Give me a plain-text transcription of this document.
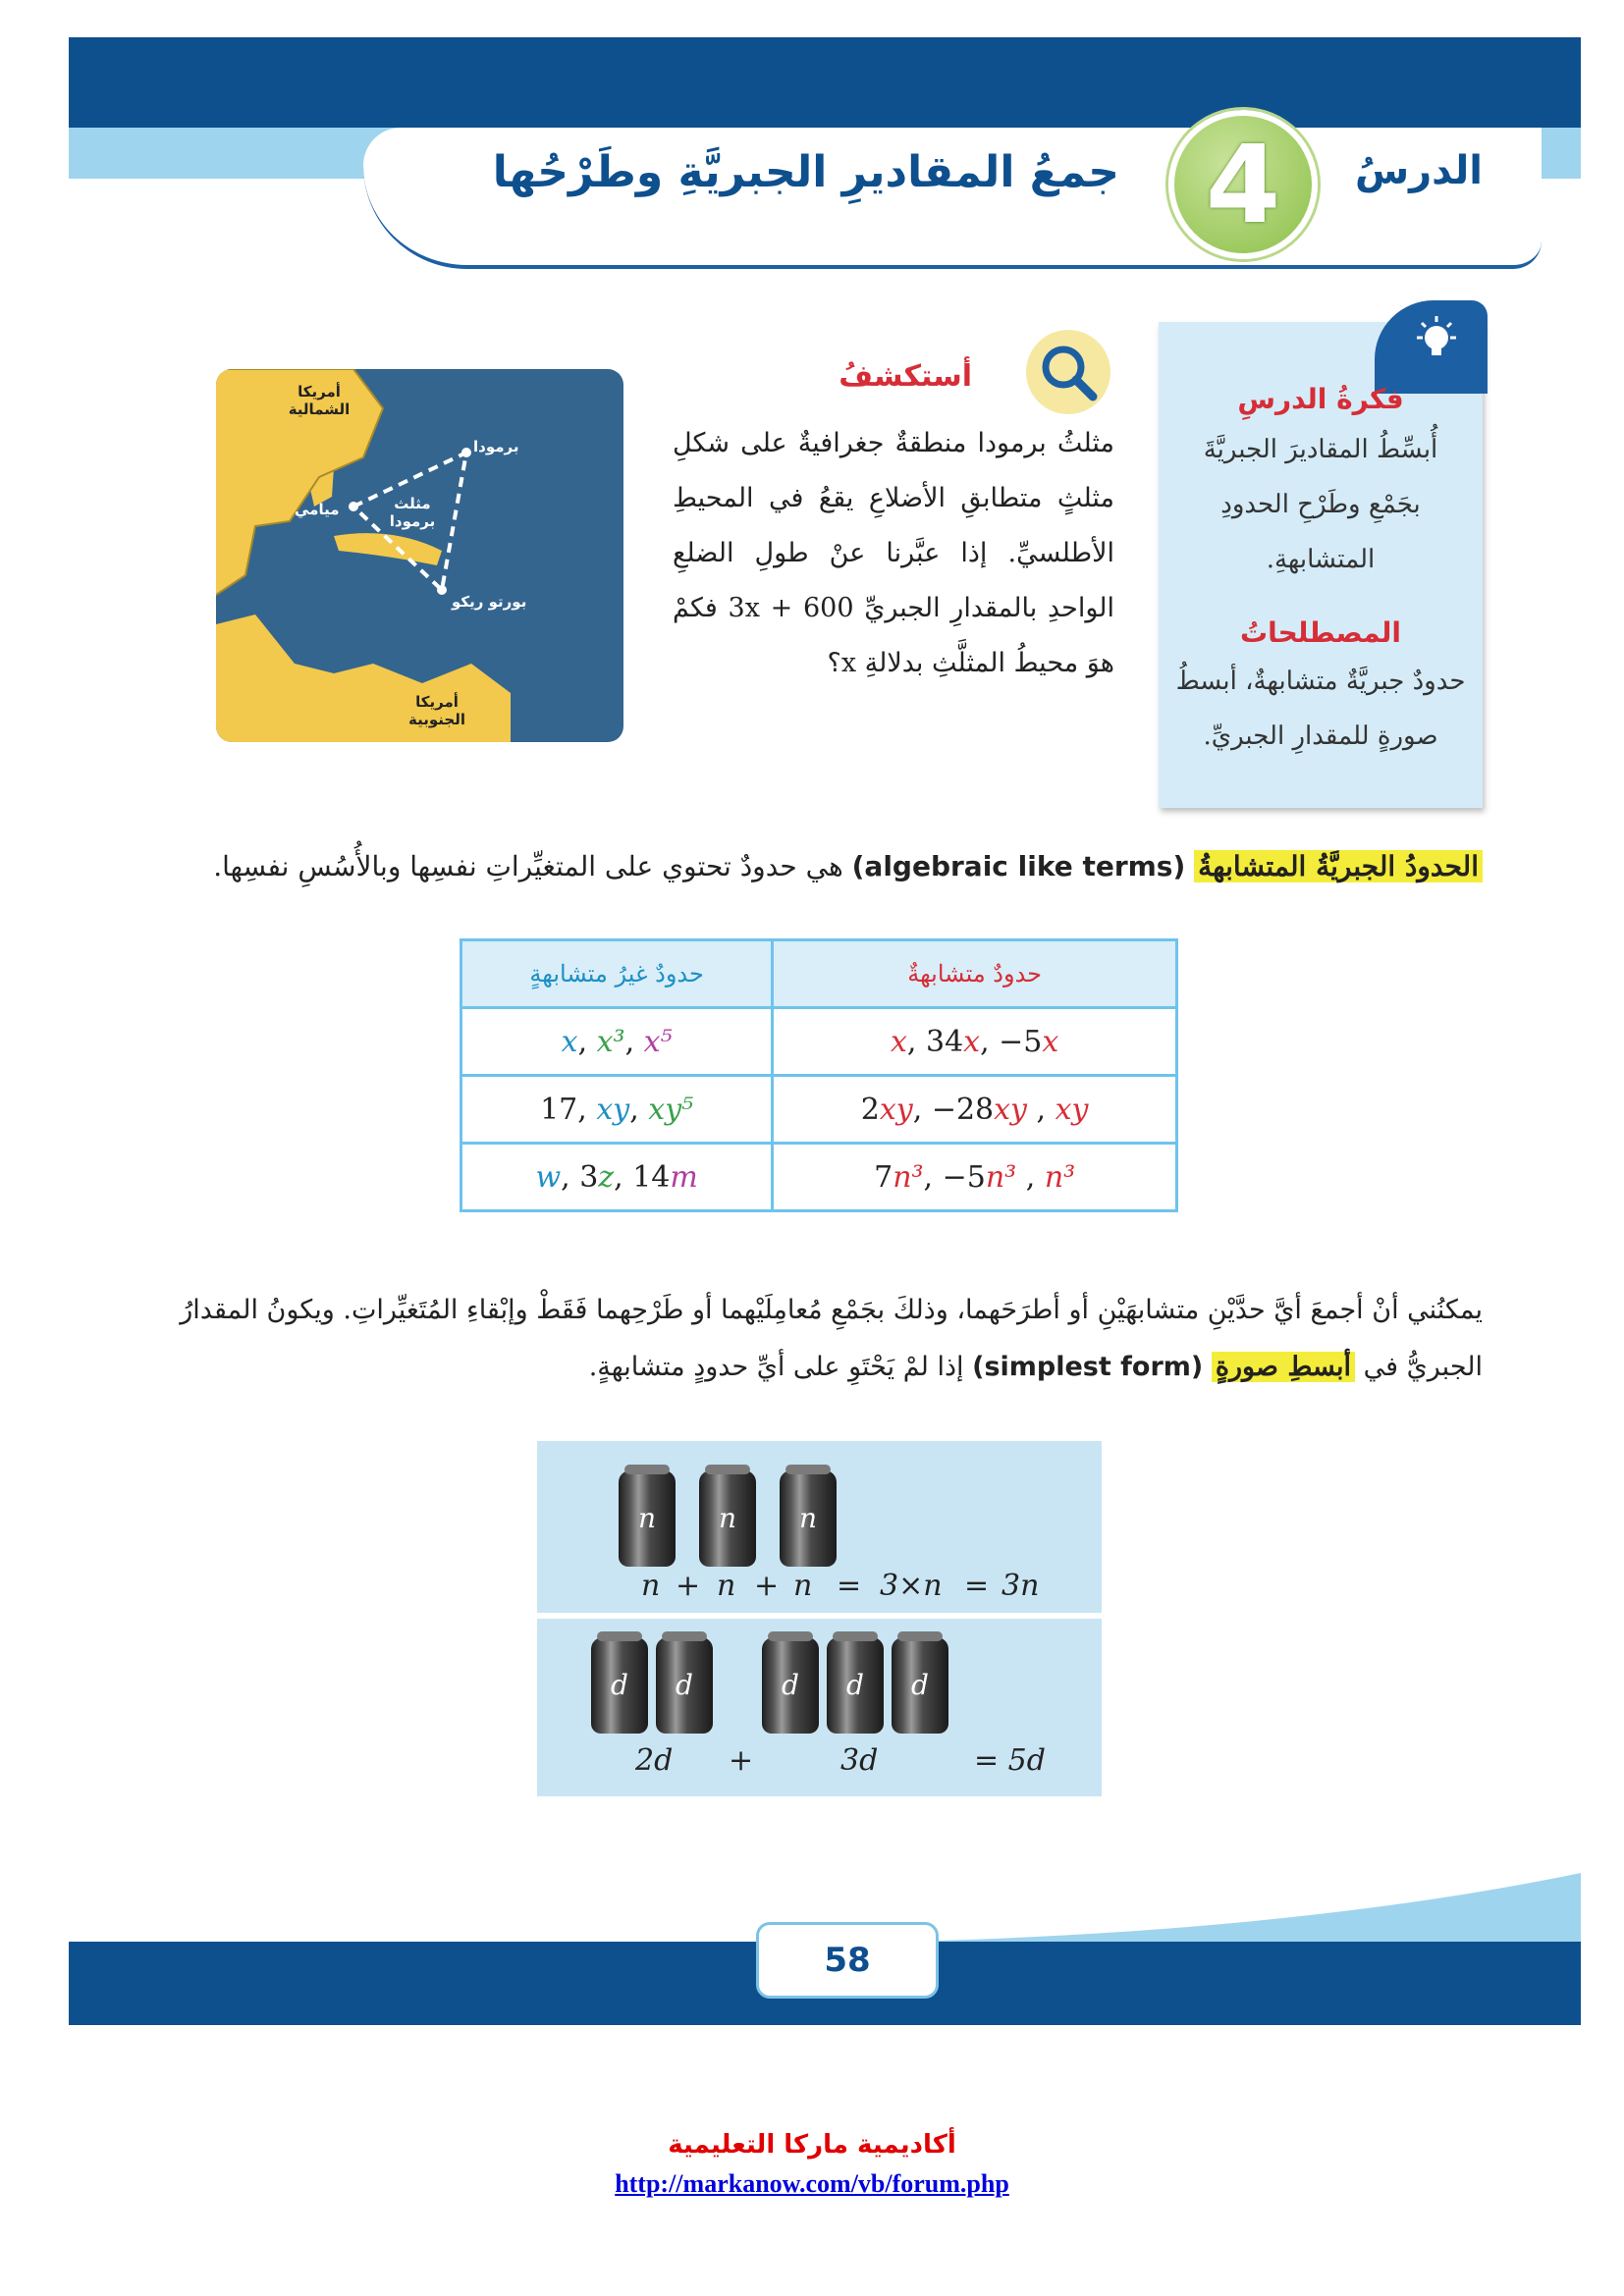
الدرسُ
4
جمعُ المقاديرِ الجبريَّةِ وطَرْحُها
فكرةُ الدرسِ
أُبسِّطُ المقاديرَ الجبريَّةَ
بجَمْعِ وطَرْحِ الحدودِ
المتشابهةِ.
المصطلحاتُ
حدودٌ جبريَّةٌ متشابهةٌ، أبسطُ
صورةٍ للمقدارِ الجبريِّ.
أستكشفُ
مثلثُ برمودا منطقةٌ جغرافيةٌ على شكلِ مثلثٍ متطابقِ الأضلاعِ يقعُ في المحيطِ الأطلسيِّ. إذا عبَّرنا عنْ طولِ الضلعِ الواحدِ بالمقدارِ الجبريِّ 600 + 3x فكمْ هوَ محيطُ المثلَّثِ بدلالةِ x؟
أمريكا الشمالية
برمودا
ميامي	مثلث برمودا
بورتو ريكو
أمريكا الجنوبية
الحدودُ الجبريَّةُ المتشابهةُ (algebraic like terms) هي حدودٌ تحتوي على المتغيِّراتِ نفسِها وبالأُسُسِ نفسِها.
حدودٌ غيرُ متشابهةٍ	حدودٌ متشابهةٌ
x, x³, x⁵	x, 34x, −5x
17, xy, xy⁵	2xy, −28xy , xy
w, 3z, 14m	7n³, −5n³ , n³
يمكنُني أنْ أجمعَ أيَّ حدَّيْنِ متشابهَيْنِ أو أطرَحَهما، وذلكَ بجَمْعِ مُعامِلَيْهما أو طَرْحِهما فَقَطْ وإبْقاءِ المُتَغيِّراتِ. ويكونُ المقدارُ
الجبريُّ في أبسطِ صورةٍ (simplest form) إذا لمْ يَحْتَوِ على أيِّ حدودٍ متشابهةٍ.
n	n	n
n + n + n = 3×n = 3n
d	d	d	d	d
2d +	3d	= 5d
58
أكاديمية ماركا التعليمية
http://markanow.com/vb/forum.php
